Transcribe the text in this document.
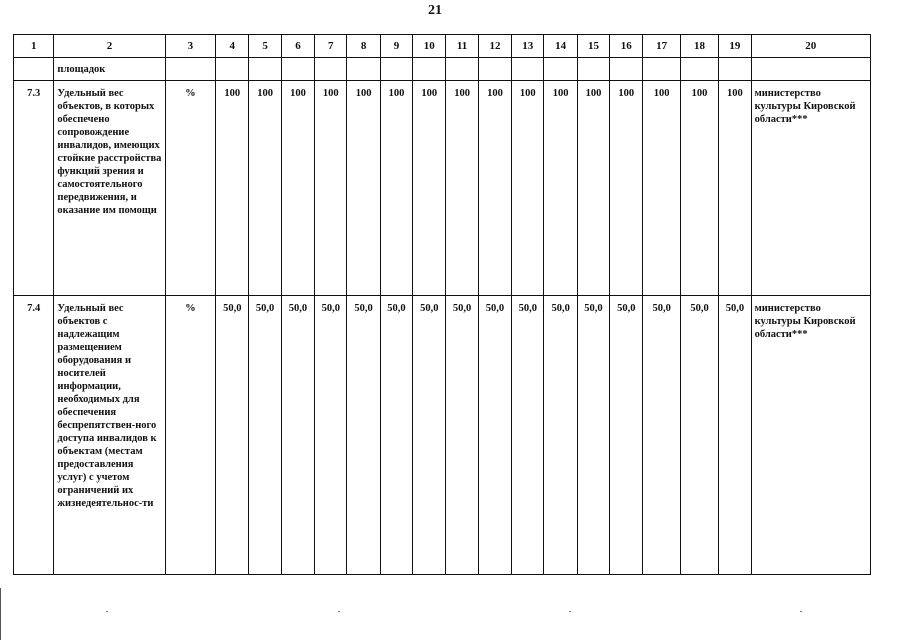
21
1	2	3	4	5	6	7	8	9	10	11	12	13	14	15	16	17	18	19	20
	площадок																		
7.3	Удельный вес объектов, в которых обеспечено сопровождение инвалидов, имеющих стойкие расстройства функций зрения и самостоятельного передвижения, и оказание им помощи	%	100	100	100	100	100	100	100	100	100	100	100	100	100	100	100	100	министерство культуры Кировской области***
7.4	Удельный вес объектов с надлежащим размещением оборудования и носителей информации, необходимых для обеспечения беспрепятствен-ного доступа инвалидов к объектам (местам предоставления услуг) с учетом ограничений их жизнедеятельнос-ти	%	50,0	50,0	50,0	50,0	50,0	50,0	50,0	50,0	50,0	50,0	50,0	50,0	50,0	50,0	50,0	50,0	министерство культуры Кировской области***
